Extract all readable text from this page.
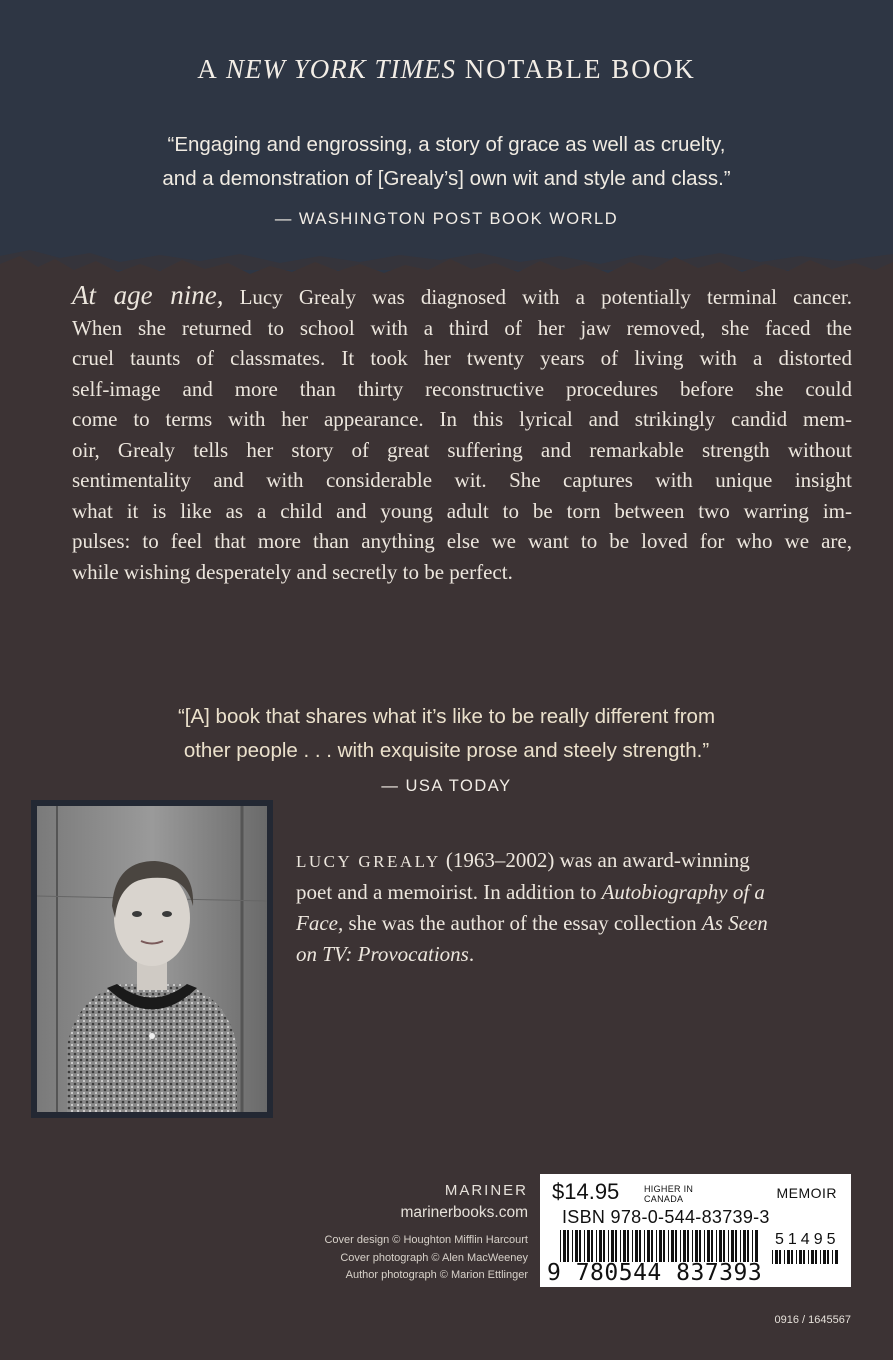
A NEW YORK TIMES NOTABLE BOOK
“Engaging and engrossing, a story of grace as well as cruelty,
and a demonstration of [Grealy’s] own wit and style and class.”
— WASHINGTON POST BOOK WORLD
At age nine, Lucy Grealy was diagnosed with a potentially terminal cancer.
When she returned to school with a third of her jaw removed, she faced the
cruel taunts of classmates. It took her twenty years of living with a distorted
self-image and more than thirty reconstructive procedures before she could
come to terms with her appearance. In this lyrical and strikingly candid mem-
oir, Grealy tells her story of great suffering and remarkable strength without
sentimentality and with considerable wit. She captures with unique insight
what it is like as a child and young adult to be torn between two warring im-
pulses: to feel that more than anything else we want to be loved for who we are,
while wishing desperately and secretly to be perfect.
“[A] book that shares what it’s like to be really different from
other people . . . with exquisite prose and steely strength.”
— USA TODAY
LUCY GREALY (1963–2002) was an award-winning
poet and a memoirist. In addition to Autobiography of a
Face, she was the author of the essay collection As Seen
on TV: Provocations.
MARINER
marinerbooks.com
Cover design © Houghton Mifflin Harcourt
Cover photograph © Alen MacWeeney
Author photograph © Marion Ettlinger
$14.95	HIGHER IN
CANADA	MEMOIR
ISBN 978-0-544-83739-3
51495
9 780544 837393
0916 / 1645567
